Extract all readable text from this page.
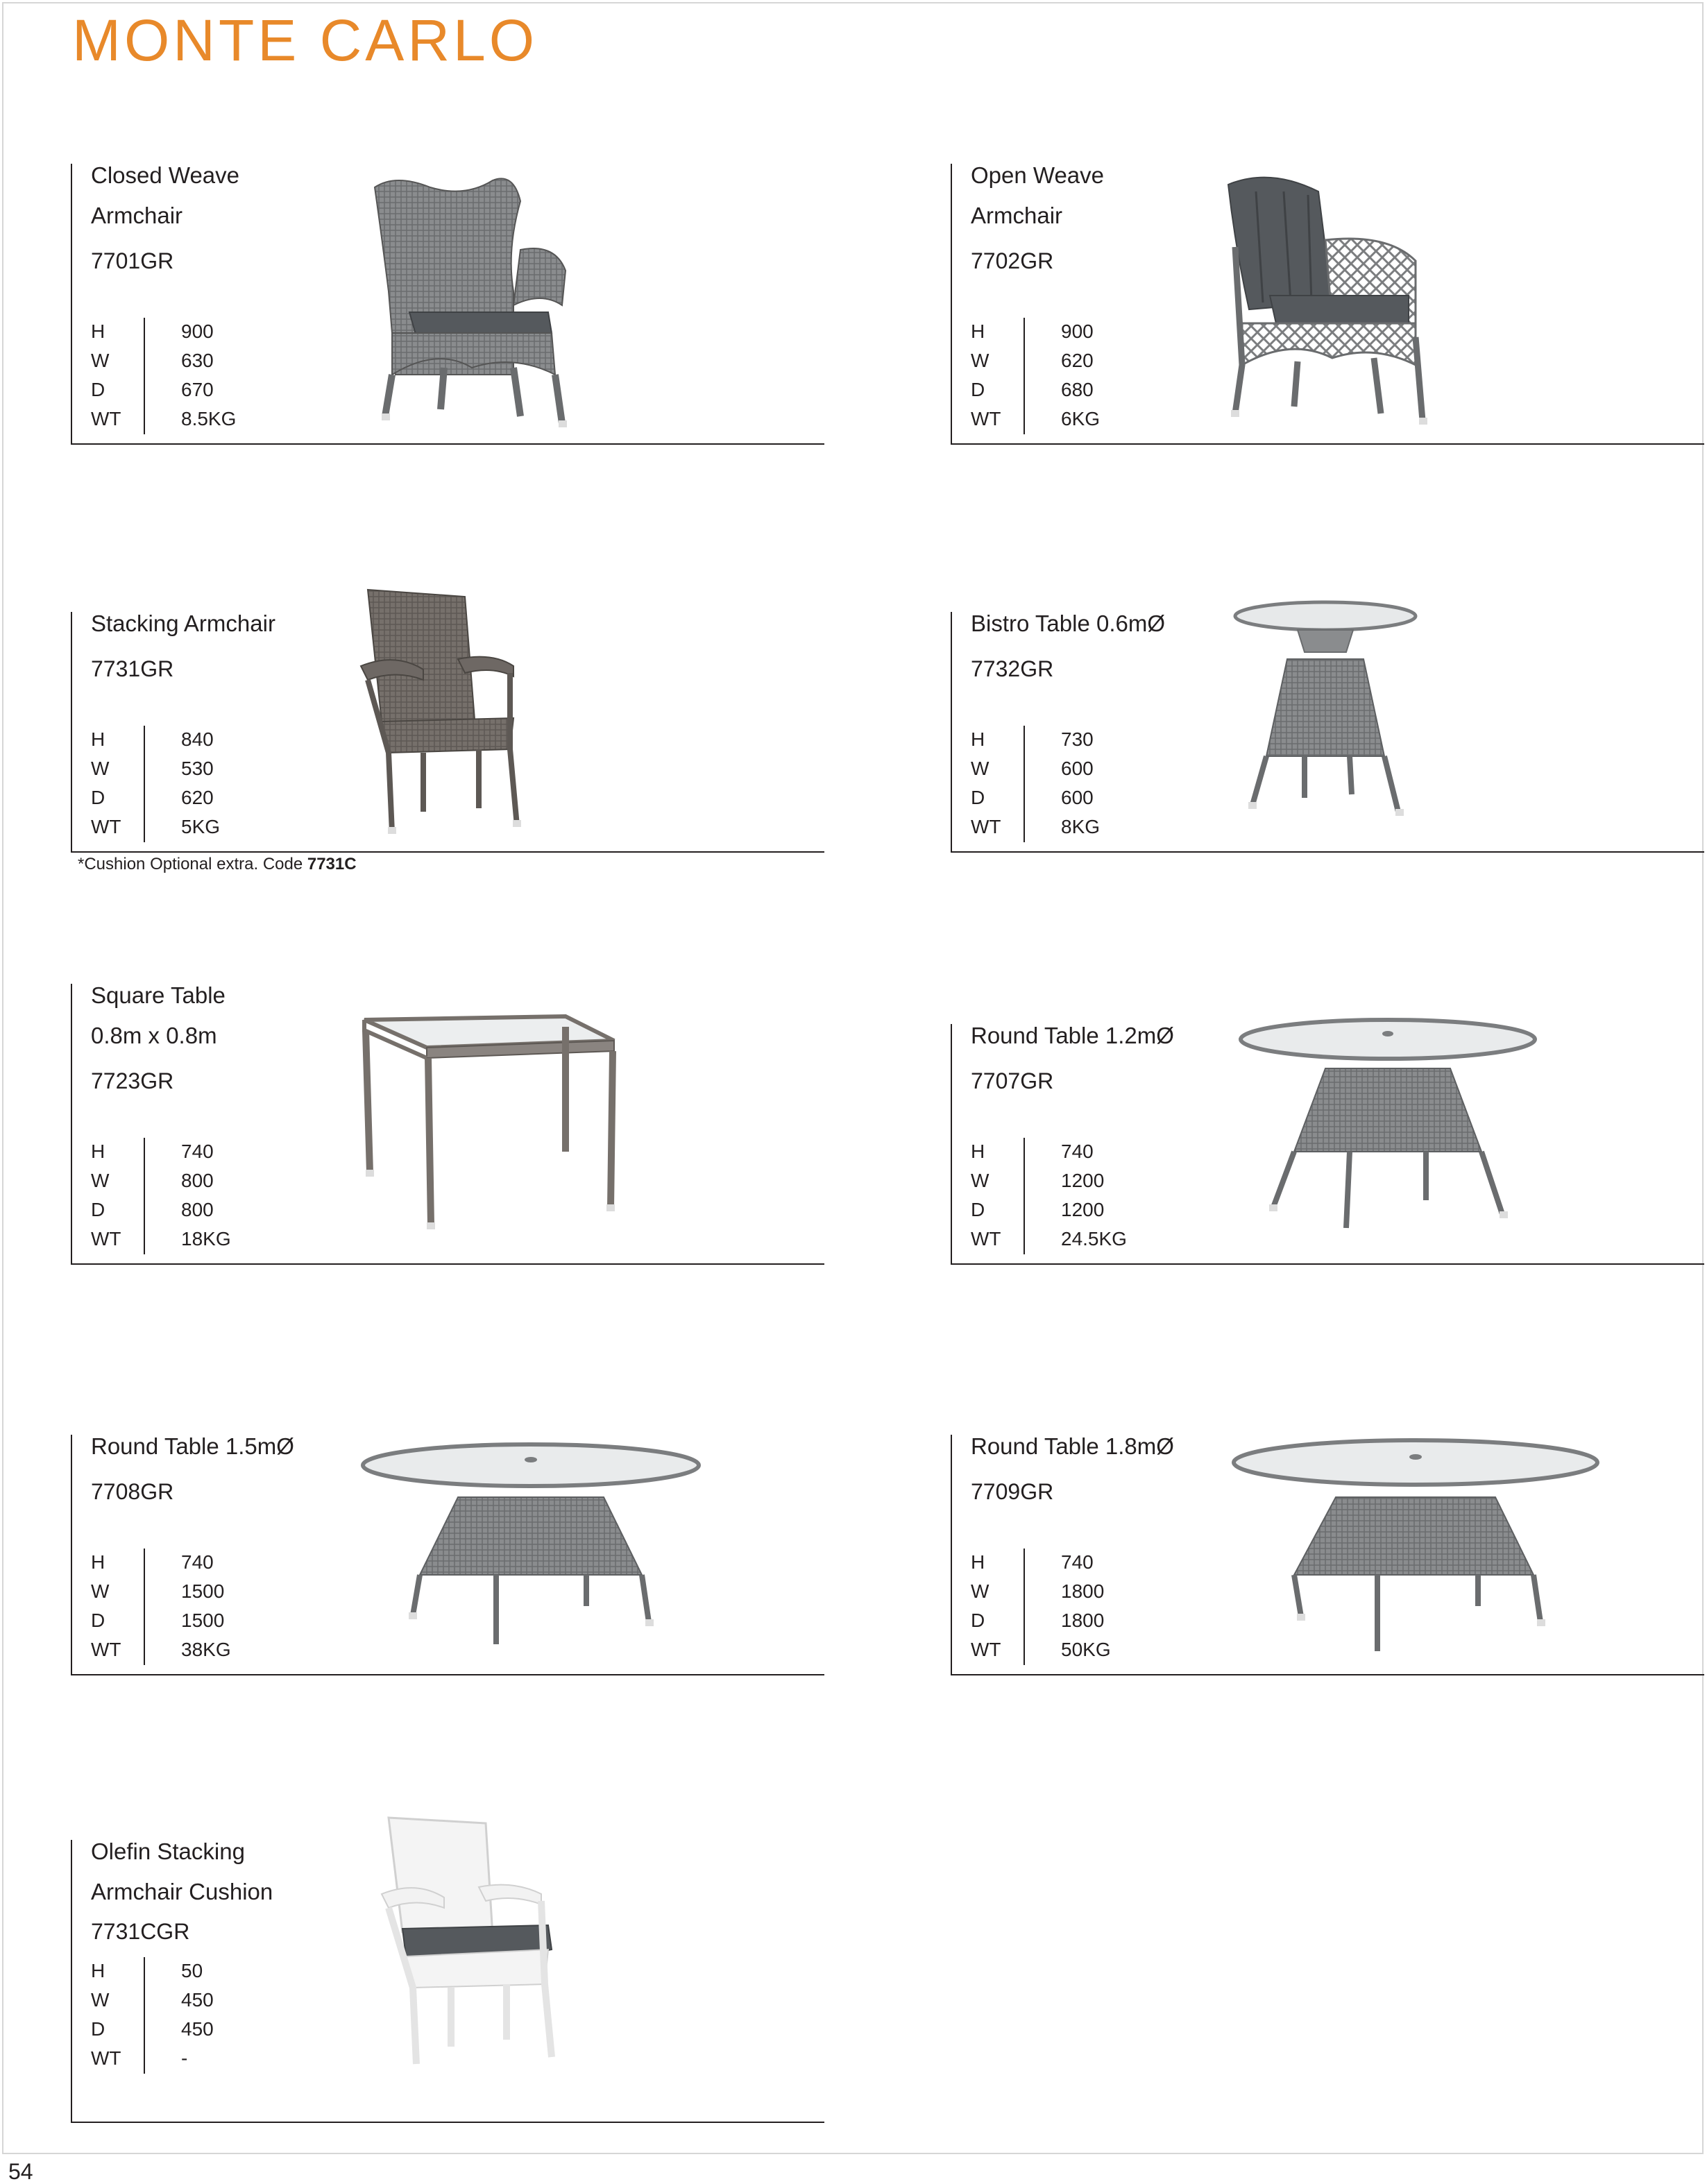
MONTE CARLO
Closed Weave
Armchair
7701GR
H	900
W	630
D	670
WT	8.5KG
Open Weave
Armchair
7702GR
H	900
W	620
D	680
WT	6KG
Stacking Armchair
7731GR
H	840
W	530
D	620
WT	5KG
*Cushion Optional extra. Code 7731C
Bistro Table 0.6mØ
7732GR
H	730
W	600
D	600
WT	8KG
Square Table
0.8m x 0.8m
7723GR
H	740
W	800
D	800
WT	18KG
Round Table 1.2mØ
7707GR
H	740
W	1200
D	1200
WT	24.5KG
Round Table 1.5mØ
7708GR
H	740
W	1500
D	1500
WT	38KG
Round Table 1.8mØ
7709GR
H	740
W	1800
D	1800
WT	50KG
Olefin Stacking
Armchair Cushion
7731CGR
H	50
W	450
D	450
WT	-
54
